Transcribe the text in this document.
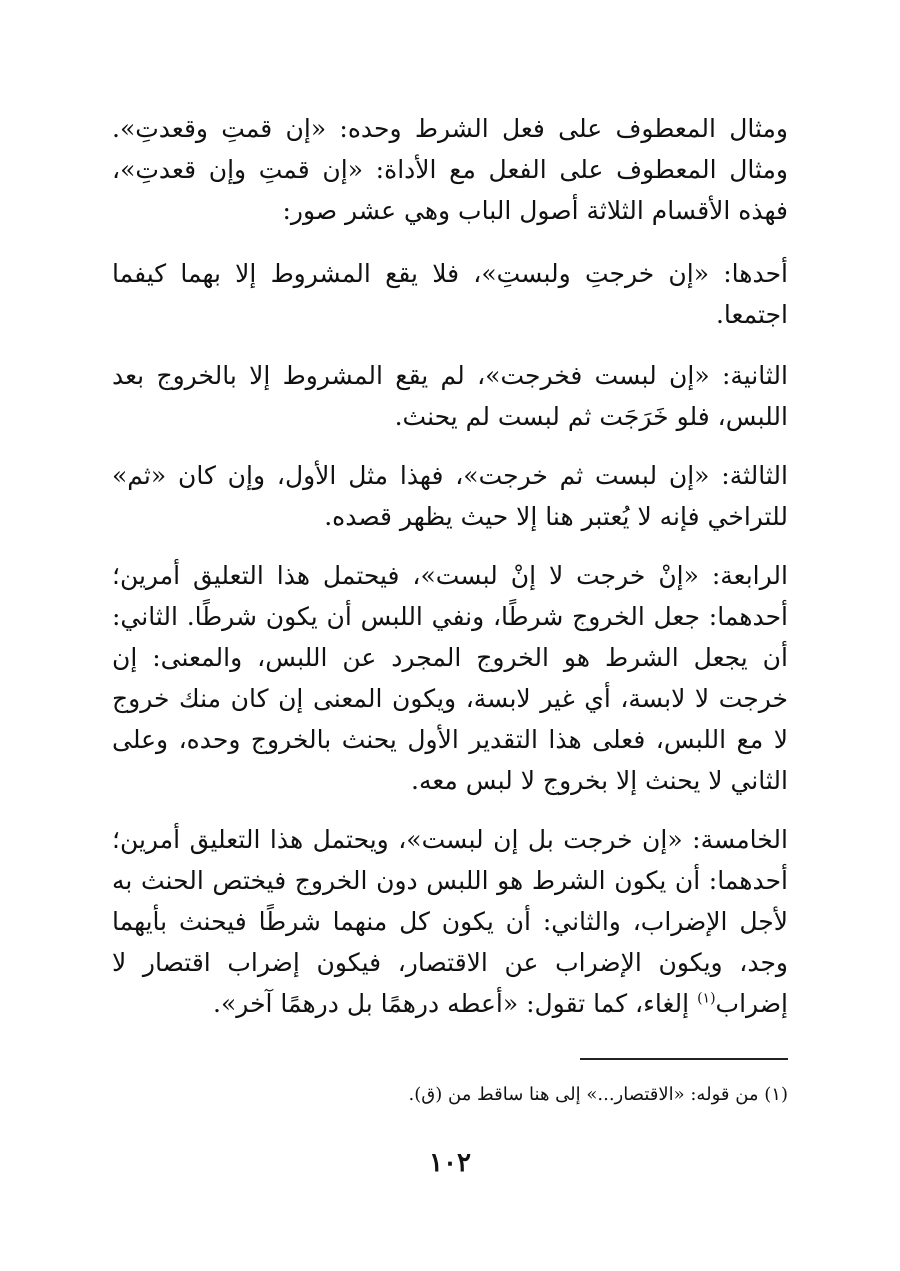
ومثال المعطوف على فعل الشرط وحده: «إن قمتِ وقعدتِ». ومثال المعطوف على الفعل مع الأداة: «إن قمتِ وإن قعدتِ»، فهذه الأقسام الثلاثة أصول الباب وهي عشر صور:

أحدها: «إن خرجتِ ولبستِ»، فلا يقع المشروط إلا بهما كيفما اجتمعا.

الثانية: «إن لبست فخرجت»، لم يقع المشروط إلا بالخروج بعد اللبس، فلو خَرَجَت ثم لبست لم يحنث.

الثالثة: «إن لبست ثم خرجت»، فهذا مثل الأول، وإن كان «ثم» للتراخي فإنه لا يُعتبر هنا إلا حيث يظهر قصده.

الرابعة: «إنْ خرجت لا إنْ لبست»، فيحتمل هذا التعليق أمرين؛ أحدهما: جعل الخروج شرطًا، ونفي اللبس أن يكون شرطًا. الثاني: أن يجعل الشرط هو الخروج المجرد عن اللبس، والمعنى: إن خرجت لا لابسة، أي غير لابسة، ويكون المعنى إن كان منك خروج لا مع اللبس، فعلى هذا التقدير الأول يحنث بالخروج وحده، وعلى الثاني لا يحنث إلا بخروج لا لبس معه.

الخامسة: «إن خرجت بل إن لبست»، ويحتمل هذا التعليق أمرين؛ أحدهما: أن يكون الشرط هو اللبس دون الخروج فيختص الحنث به لأجل الإضراب، والثاني: أن يكون كل منهما شرطًا فيحنث بأيهما وجد، ويكون الإضراب عن الاقتصار، فيكون إضراب اقتصار لا إضراب$^{(١)}$ إلغاء، كما تقول: «أعطه درهمًا بل درهمًا آخر».

(١) من قوله: «الاقتصار...» إلى هنا ساقط من (ق).
١٠٢
